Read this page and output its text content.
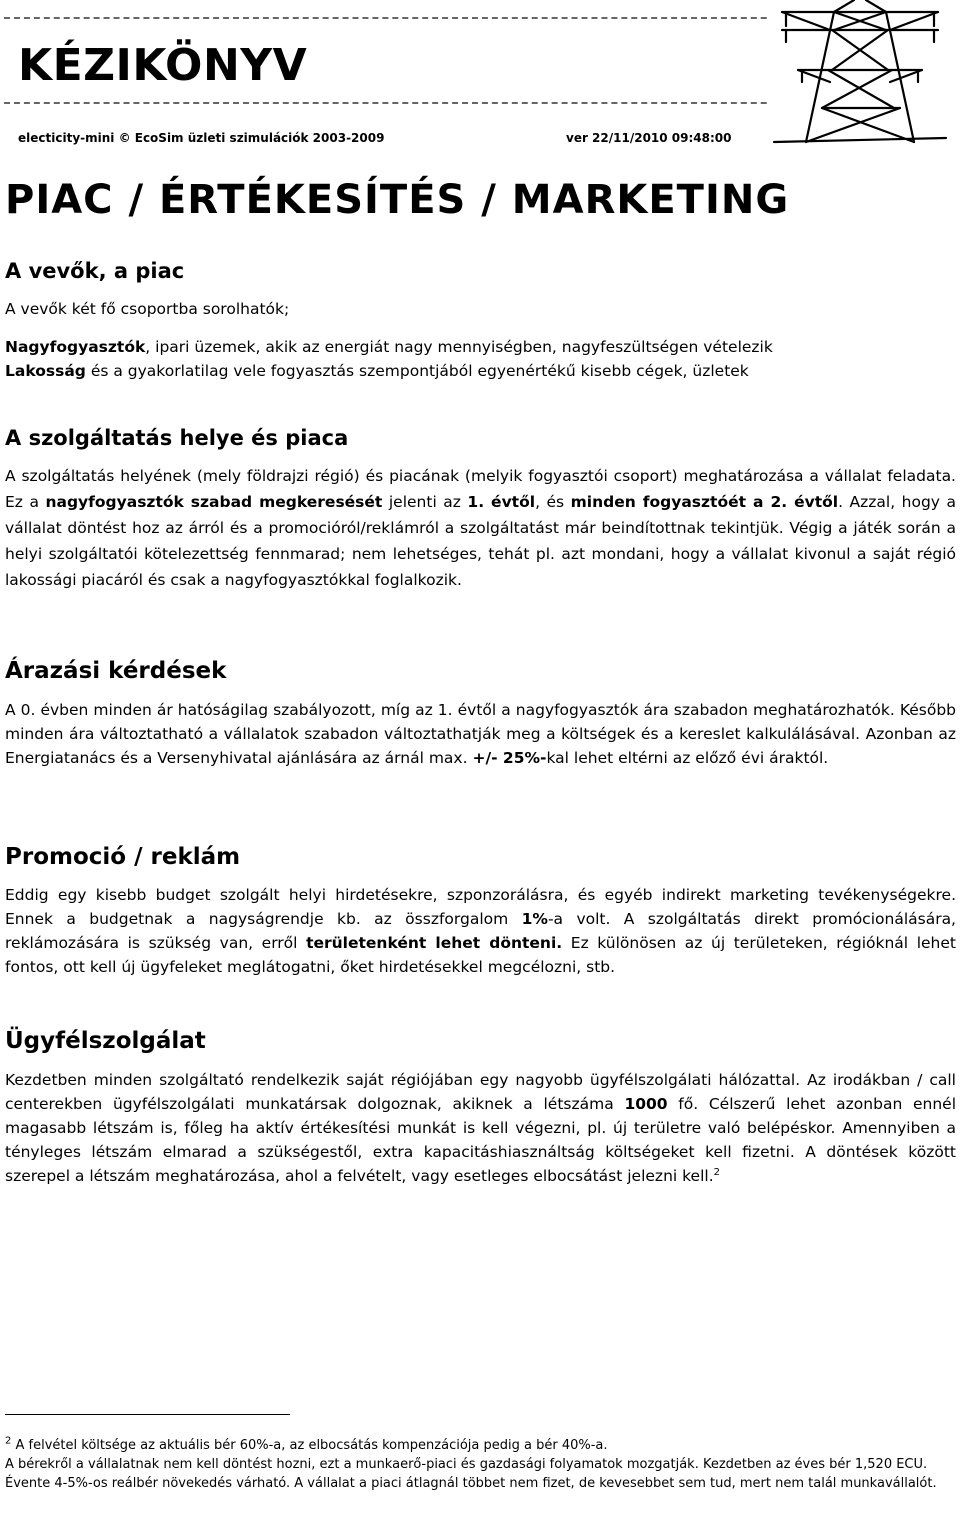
KÉZIKÖNYV
electicity-mini © EcoSim üzleti szimulációk 2003-2009	ver 22/11/2010 09:48:00
PIAC / ÉRTÉKESÍTÉS / MARKETING
A vevők, a piac

A vevők két fő csoportba sorolhatók;

Nagyfogyasztók, ipari üzemek, akik az energiát nagy mennyiségben, nagyfeszültségen vételezik

Lakosság és a gyakorlatilag vele fogyasztás szempontjából egyenértékű kisebb cégek, üzletek

A szolgáltatás helye és piaca

A szolgáltatás helyének (mely földrajzi régió) és piacának (melyik fogyasztói csoport) meghatározása a vállalat feladata. Ez a nagyfogyasztók szabad megkeresését jelenti az 1. évtől, és minden fogyasztóét a 2. évtől. Azzal, hogy a vállalat döntést hoz az árról és a promocióról/reklámról a szolgáltatást már beindítottnak tekintjük. Végig a játék során a helyi szolgáltatói kötelezettség fennmarad; nem lehetséges, tehát pl. azt mondani, hogy a vállalat kivonul a saját régió lakossági piacáról és csak a nagyfogyasztókkal foglalkozik.

Árazási kérdések

A 0. évben minden ár hatóságilag szabályozott, míg az 1. évtől a nagyfogyasztók ára szabadon meghatározhatók. Később minden ára változtatható a vállalatok szabadon változtathatják meg a költségek és a kereslet kalkulálásával. Azonban az Energiatanács és a Versenyhivatal ajánlására az árnál max. +/- 25%-kal lehet eltérni az előző évi áraktól.

Promoció / reklám

Eddig egy kisebb budget szolgált helyi hirdetésekre, szponzorálásra, és egyéb indirekt marketing tevékenységekre. Ennek a budgetnak a nagyságrendje kb. az összforgalom 1%-a volt. A szolgáltatás direkt promócionálására, reklámozására is szükség van, erről területenként lehet dönteni. Ez különösen az új területeken, régióknál lehet fontos, ott kell új ügyfeleket meglátogatni, őket hirdetésekkel megcélozni, stb.

Ügyfélszolgálat

Kezdetben minden szolgáltató rendelkezik saját régiójában egy nagyobb ügyfélszolgálati hálózattal. Az irodákban / call centerekben ügyfélszolgálati munkatársak dolgoznak, akiknek a létszáma 1000 fő. Célszerű lehet azonban ennél magasabb létszám is, főleg ha aktív értékesítési munkát is kell végezni, pl. új területre való belépéskor. Amennyiben a tényleges létszám elmarad a szükségestől, extra kapacitáshiasználtság költségeket kell fizetni. A döntések között szerepel a létszám meghatározása, ahol a felvételt, vagy esetleges elbocsátást jelezni kell.$^2$

$^2$ A felvétel költsége az aktuális bér 60%-a, az elbocsátás kompenzációja pedig a bér 40%-a.
A bérekről a vállalatnak nem kell döntést hozni, ezt a munkaerő-piaci és gazdasági folyamatok mozgatják. Kezdetben az éves bér 1,520 ECU. Évente 4-5%-os reálbér növekedés várható. A vállalat a piaci átlagnál többet nem fizet, de kevesebbet sem tud, mert nem talál munkavállalót.
